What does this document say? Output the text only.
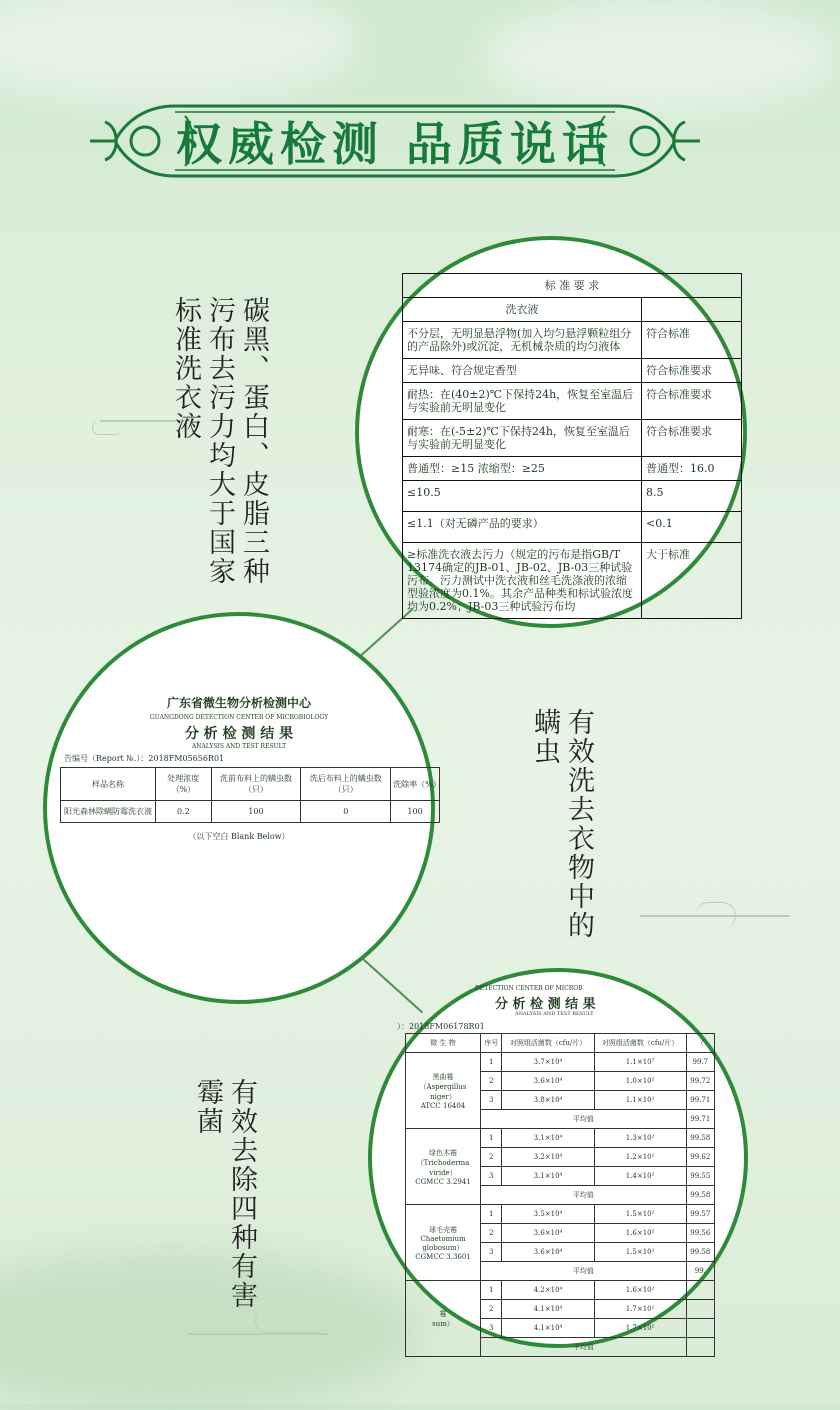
权威检测 品质说话
标准洗衣液 污布去污力均大于国家 碳黑、蛋白、皮脂三种
螨虫 有效洗去衣物中的
霉菌 有效去除四种有害
标 准 要 求	
洗衣液	
不分层，无明显悬浮物(加入均匀悬浮颗粒组分的产品除外)或沉淀，无机械杂质的均匀液体	符合标准
无异味、符合规定香型	符合标准要求
耐热：在(40±2)℃下保持24h，恢复至室温后与实验前无明显变化	符合标准要求
耐寒：在(-5±2)℃下保持24h，恢复至室温后与实验前无明显变化	符合标准要求
普通型：≥15 浓缩型：≥25	普通型：16.0
≤10.5	8.5
≤1.1（对无磷产品的要求）	<0.1
≥标准洗衣液去污力（规定的污布是指GB/T 13174确定的JB-01、JB-02、JB-03三种试验污布。污力测试中洗衣液和丝毛洗涤液的浓缩型验浓度为0.1%。其余产品种类和标试验浓度均为0.2%；JB-03三种试验污布均	大于标准
广东省微生物分析检测中心
GUANGDONG DETECTION CENTER OF MICROBIOLOGY
分 析 检 测 结 果
ANALYSIS AND TEST RESULT
告编号（Report №.）：2018FM05656R01
样品名称	处理浓度（%）	洗前布料上的螨虫数（只）	洗后布料上的螨虫数（只）	洗除率（%）
阳光森林除螨防霉洗衣液	0.2	100	0	100
（以下空白 Blank Below）
DETECTION CENTER OF MICROB
分 析 检 测 结 果
ANALYSIS AND TEST RESULT
）：2018FM06178R01
微 生 物	序号	对照组活菌数（cfu/片）	对照组活菌数（cfu/片）	（

黑曲霉
（Aspergillus niger）
ATCC 16404	1	3.7×10⁴	1.1×10⁷	99.7
	2	3.6×10⁴	1.0×10²	99.72
	3	3.8×10⁴	1.1×10²	99.71
	平均值			99.71

绿色木霉
（Trichoderma viride）
CGMCC 3.2941	1	3.1×10⁴	1.3×10²	99.58
	2	3.2×10⁴	1.2×10²	99.62
	3	3.1×10⁴	1.4×10²	99.55
	平均值			99.58

球毛壳霉
Chaetomium globosum）
CGMCC 3.3601	1	3.5×10⁴	1.5×10²	99.57
	2	3.6×10⁴	1.6×10²	99.56
	3	3.6×10⁴	1.5×10²	99.58
	平均值			99.

霉
sum）	1	4.2×10⁴	1.6×10²	
	2	4.1×10⁴	1.7×10²	
	3	4.1×10⁴	1.7×10²	
	平均值			
